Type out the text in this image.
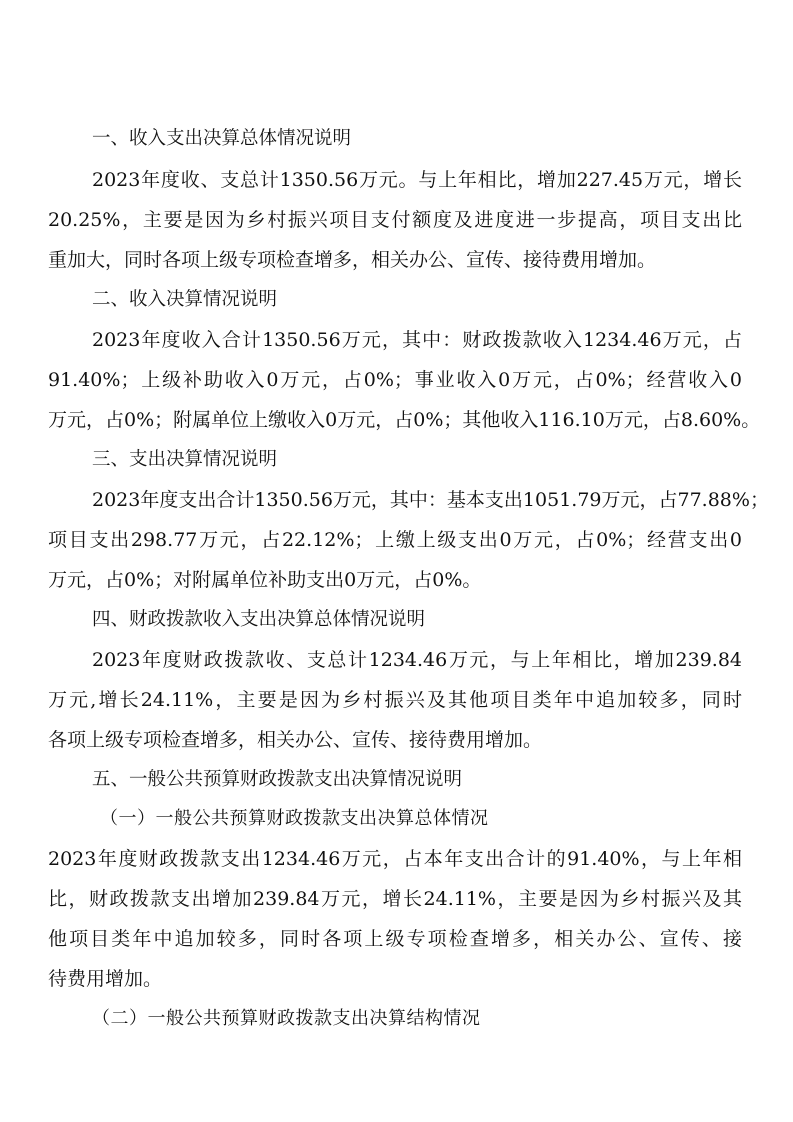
一、收入支出决算总体情况说明
2023年度收、支总计1350.56万元。与上年相比，增加227.45万元，增长
20.25%，主要是因为乡村振兴项目支付额度及进度进一步提高，项目支出比
重加大，同时各项上级专项检查增多，相关办公、宣传、接待费用增加。
二、收入决算情况说明
2023年度收入合计1350.56万元，其中：财政拨款收入1234.46万元，占
91.40%；上级补助收入0万元，占0%；事业收入0万元，占0%；经营收入0
万元，占0%；附属单位上缴收入0万元，占0%；其他收入116.10万元，占8.60%。
三、支出决算情况说明
2023年度支出合计1350.56万元，其中：基本支出1051.79万元，占77.88%；
项目支出298.77万元，占22.12%；上缴上级支出0万元，占0%；经营支出0
万元，占0%；对附属单位补助支出0万元，占0%。
四、财政拨款收入支出决算总体情况说明
2023年度财政拨款收、支总计1234.46万元，与上年相比，增加239.84
万元,增长24.11%，主要是因为乡村振兴及其他项目类年中追加较多，同时
各项上级专项检查增多，相关办公、宣传、接待费用增加。
五、一般公共预算财政拨款支出决算情况说明
（一）一般公共预算财政拨款支出决算总体情况
2023年度财政拨款支出1234.46万元，占本年支出合计的91.40%，与上年相
比，财政拨款支出增加239.84万元，增长24.11%，主要是因为乡村振兴及其
他项目类年中追加较多，同时各项上级专项检查增多，相关办公、宣传、接
待费用增加。
（二）一般公共预算财政拨款支出决算结构情况
